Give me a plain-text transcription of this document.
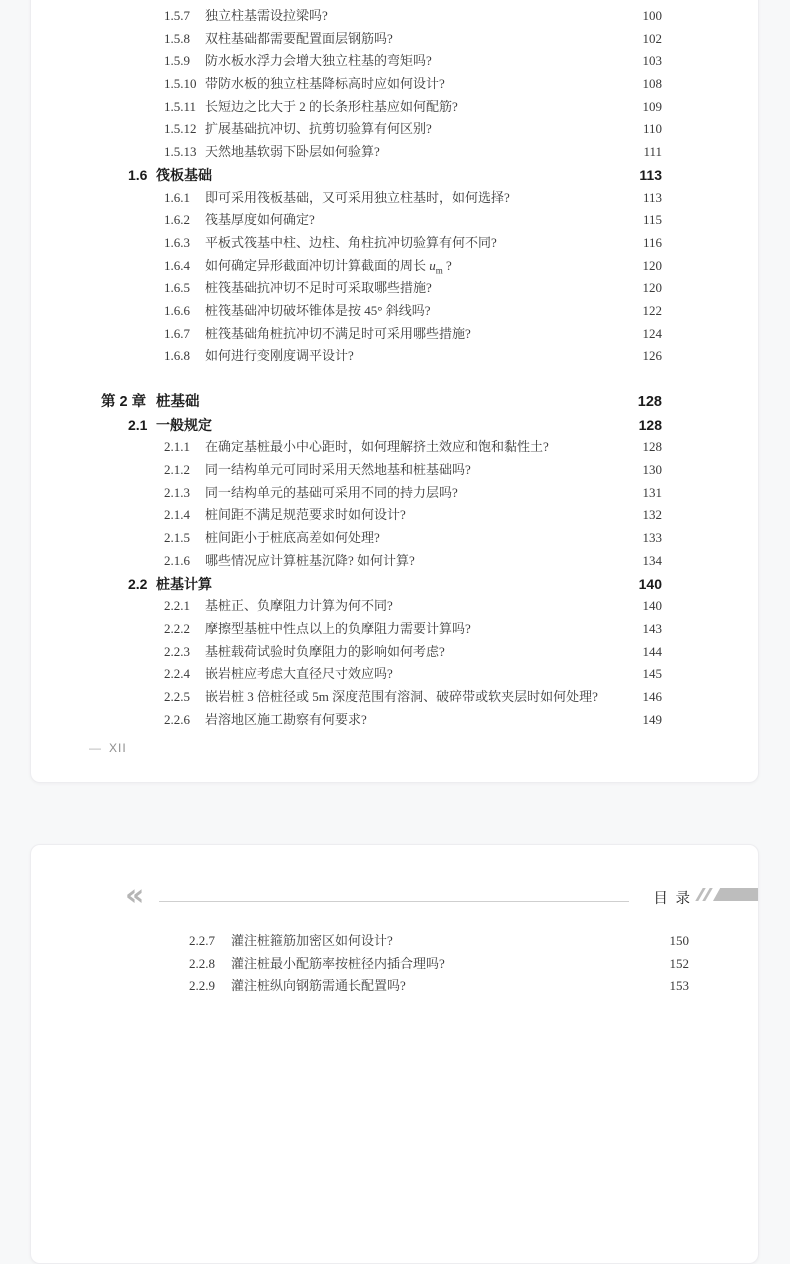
1.5.7 独立柱基需设拉梁吗?	100
1.5.8 双柱基础都需要配置面层钢筋吗?	102
1.5.9 防水板水浮力会增大独立柱基的弯矩吗?	103
1.5.10 带防水板的独立柱基降标高时应如何设计?	108
1.5.11 长短边之比大于 2 的长条形柱基应如何配筋?	109
1.5.12 扩展基础抗冲切、抗剪切验算有何区别?	110
1.5.13 天然地基软弱下卧层如何验算?	111
1.6 筏板基础	113
1.6.1 即可采用筏板基础，又可采用独立柱基时，如何选择?	113
1.6.2 筏基厚度如何确定?	115
1.6.3 平板式筏基中柱、边柱、角柱抗冲切验算有何不同?	116
1.6.4 如何确定异形截面冲切计算截面的周长 $u_m$ ?	120
1.6.5 桩筏基础抗冲切不足时可采取哪些措施?	120
1.6.6 桩筏基础冲切破坏锥体是按 45° 斜线吗?	122
1.6.7 桩筏基础角桩抗冲切不满足时可采用哪些措施?	124
1.6.8 如何进行变刚度调平设计?	126
第 2 章 桩基础	128
2.1 一般规定	128
2.1.1 在确定基桩最小中心距时，如何理解挤土效应和饱和黏性土?	128
2.1.2 同一结构单元可同时采用天然地基和桩基础吗?	130
2.1.3 同一结构单元的基础可采用不同的持力层吗?	131
2.1.4 桩间距不满足规范要求时如何设计?	132
2.1.5 桩间距小于桩底高差如何处理?	133
2.1.6 哪些情况应计算桩基沉降? 如何计算?	134
2.2 桩基计算	140
2.2.1 基桩正、负摩阻力计算为何不同?	140
2.2.2 摩擦型基桩中性点以上的负摩阻力需要计算吗?	143
2.2.3 基桩载荷试验时负摩阻力的影响如何考虑?	144
2.2.4 嵌岩桩应考虑大直径尺寸效应吗?	145
2.2.5 嵌岩桩 3 倍桩径或 5m 深度范围有溶洞、破碎带或软夹层时如何处理?	146
2.2.6 岩溶地区施工勘察有何要求?	149
— XII
«	目 录
2.2.7 灌注桩箍筋加密区如何设计?	150
2.2.8 灌注桩最小配筋率按桩径内插合理吗?	152
2.2.9 灌注桩纵向钢筋需通长配置吗?	153
